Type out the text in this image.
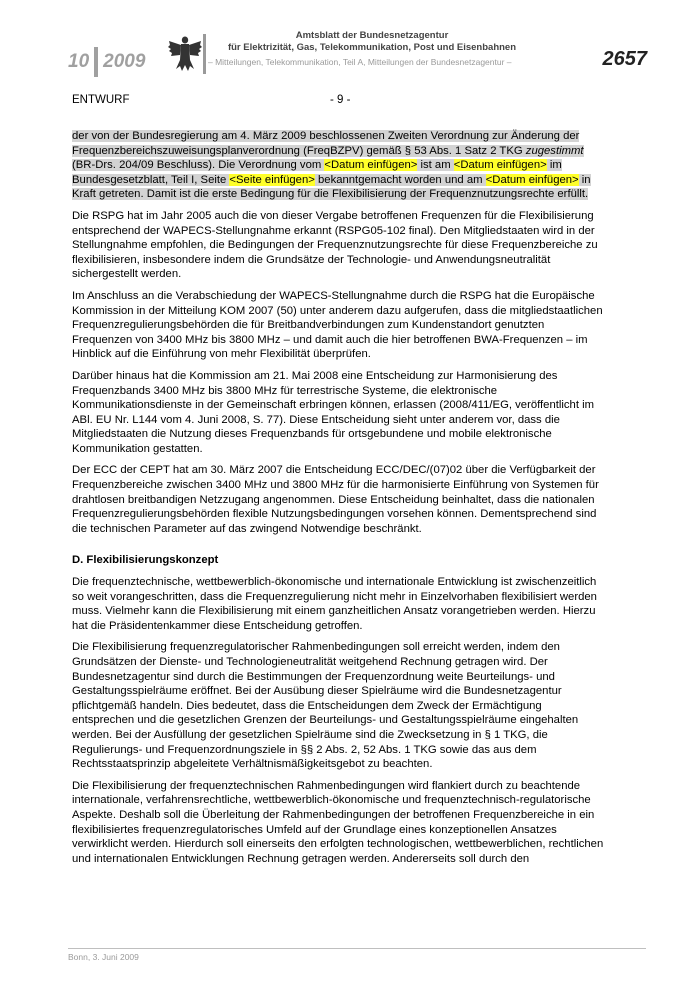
10 2009
Amtsblatt der Bundesnetzagentur
für Elektrizität, Gas, Telekommunikation, Post und Eisenbahnen
– Mitteilungen, Telekommunikation, Teil A, Mitteilungen der Bundesnetzagentur –	2657
ENTWURF	- 9 -

der von der Bundesregierung am 4. März 2009 beschlossenen Zweiten Verordnung zur Änderung der Frequenzbereichszuweisungsplanverordnung (FreqBZPV) gemäß § 53 Abs. 1 Satz 2 TKG zugestimmt (BR-Drs. 204/09 Beschluss). Die Verordnung vom <Datum einfügen> ist am <Datum einfügen> im Bundesgesetzblatt, Teil I, Seite <Seite einfügen> bekanntgemacht worden und am <Datum einfügen> in Kraft getreten. Damit ist die erste Bedingung für die Flexibilisierung der Frequenznutzungsrechte erfüllt.

Die RSPG hat im Jahr 2005 auch die von dieser Vergabe betroffenen Frequenzen für die Flexibilisierung entsprechend der WAPECS-Stellungnahme erkannt (RSPG05-102 final). Den Mitgliedstaaten wird in der Stellungnahme empfohlen, die Bedingungen der Frequenznutzungsrechte für diese Frequenzbereiche zu flexibilisieren, insbesondere indem die Grundsätze der Technologie- und Anwendungsneutralität sichergestellt werden.

Im Anschluss an die Verabschiedung der WAPECS-Stellungnahme durch die RSPG hat die Europäische Kommission in der Mitteilung KOM 2007 (50) unter anderem dazu aufgerufen, dass die mitgliedstaatlichen Frequenzregulierungsbehörden die für Breitbandverbindungen zum Kundenstandort genutzten Frequenzen von 3400 MHz bis 3800 MHz – und damit auch die hier betroffenen BWA-Frequenzen – im Hinblick auf die Einführung von mehr Flexibilität überprüfen.

Darüber hinaus hat die Kommission am 21. Mai 2008 eine Entscheidung zur Harmonisierung des Frequenzbands 3400 MHz bis 3800 MHz für terrestrische Systeme, die elektronische Kommunikationsdienste in der Gemeinschaft erbringen können, erlassen (2008/411/EG, veröffentlicht im ABl. EU Nr. L144 vom 4. Juni 2008, S. 77). Diese Entscheidung sieht unter anderem vor, dass die Mitgliedstaaten die Nutzung dieses Frequenzbands für ortsgebundene und mobile elektronische Kommunikation gestatten.

Der ECC der CEPT hat am 30. März 2007 die Entscheidung ECC/DEC/(07)02 über die Verfügbarkeit der Frequenzbereiche zwischen 3400 MHz und 3800 MHz für die harmonisierte Einführung von Systemen für drahtlosen breitbandigen Netzzugang angenommen. Diese Entscheidung beinhaltet, dass die nationalen Frequenzregulierungsbehörden flexible Nutzungsbedingungen vorsehen können. Dementsprechend sind die technischen Parameter auf das zwingend Notwendige beschränkt.

D. Flexibilisierungskonzept

Die frequenztechnische, wettbewerblich-ökonomische und internationale Entwicklung ist zwischenzeitlich so weit vorangeschritten, dass die Frequenzregulierung nicht mehr in Einzelvorhaben flexibilisiert werden muss. Vielmehr kann die Flexibilisierung mit einem ganzheitlichen Ansatz vorangetrieben werden. Hierzu hat die Präsidentenkammer diese Entscheidung getroffen.

Die Flexibilisierung frequenzregulatorischer Rahmenbedingungen soll erreicht werden, indem den Grundsätzen der Dienste- und Technologieneutralität weitgehend Rechnung getragen wird. Der Bundesnetzagentur sind durch die Bestimmungen der Frequenzordnung weite Beurteilungs- und Gestaltungsspielräume eröffnet. Bei der Ausübung dieser Spielräume wird die Bundesnetzagentur pflichtgemäß handeln. Dies bedeutet, dass die Entscheidungen dem Zweck der Ermächtigung entsprechen und die gesetzlichen Grenzen der Beurteilungs- und Gestaltungsspielräume eingehalten werden. Bei der Ausfüllung der gesetzlichen Spielräume sind die Zwecksetzung in § 1 TKG, die Regulierungs- und Frequenzordnungsziele in §§ 2 Abs. 2, 52 Abs. 1 TKG sowie das aus dem Rechtsstaatsprinzip abgeleitete Verhältnismäßigkeitsgebot zu beachten.

Die Flexibilisierung der frequenztechnischen Rahmenbedingungen wird flankiert durch zu beachtende internationale, verfahrensrechtliche, wettbewerblich-ökonomische und frequenztechnisch-regulatorische Aspekte. Deshalb soll die Überleitung der Rahmenbedingungen der betroffenen Frequenzbereiche in ein flexibilisiertes frequenzregulatorisches Umfeld auf der Grundlage eines konzeptionellen Ansatzes verwirklicht werden. Hierdurch soll einerseits den erfolgten technologischen, wettbewerblichen, rechtlichen und internationalen Entwicklungen Rechnung getragen werden. Andererseits soll durch den

Bonn, 3. Juni 2009
